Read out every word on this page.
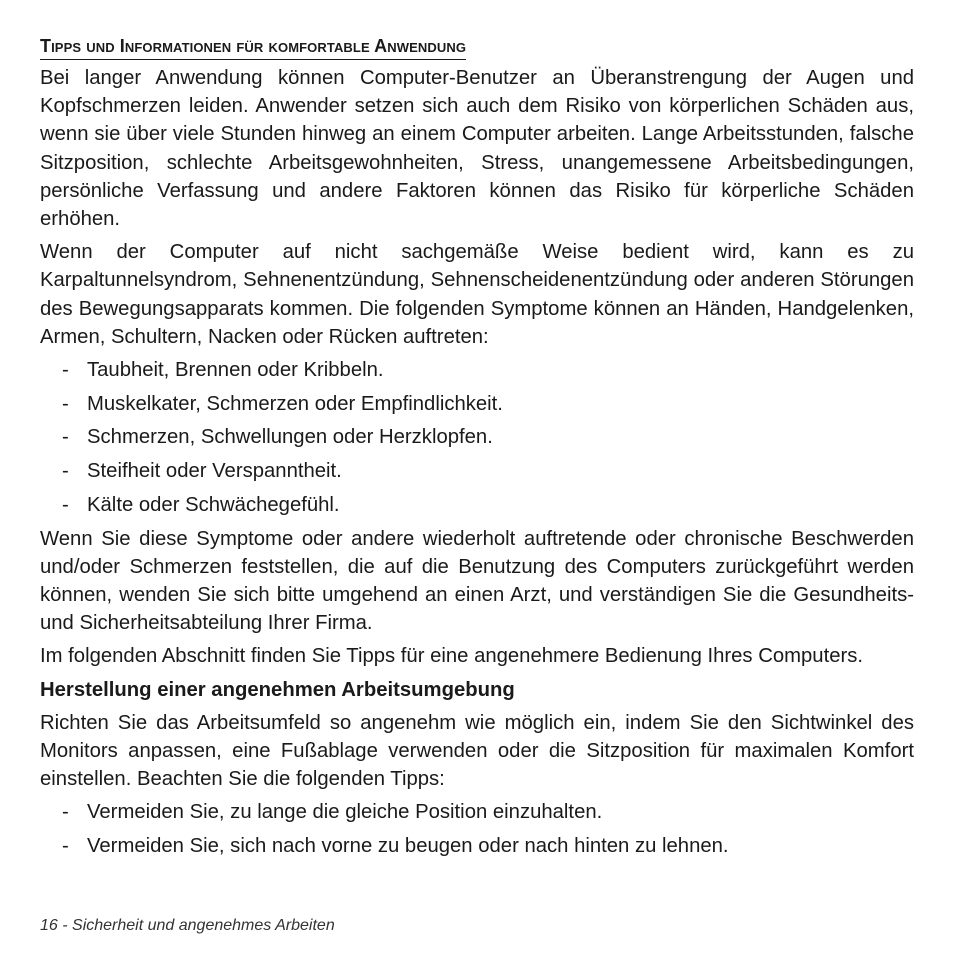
Tipps und Informationen für komfortable Anwendung

Bei langer Anwendung können Computer-Benutzer an Überanstrengung der Augen und Kopfschmerzen leiden. Anwender setzen sich auch dem Risiko von körperlichen Schäden aus, wenn sie über viele Stunden hinweg an einem Computer arbeiten. Lange Arbeitsstunden, falsche Sitzposition, schlechte Arbeitsgewohnheiten, Stress, unangemessene Arbeitsbedingungen, persönliche Verfassung und andere Faktoren können das Risiko für körperliche Schäden erhöhen.

Wenn der Computer auf nicht sachgemäße Weise bedient wird, kann es zu Karpaltunnelsyndrom, Sehnenentzündung, Sehnenscheidenentzündung oder anderen Störungen des Bewegungsapparats kommen. Die folgenden Symptome können an Händen, Handgelenken, Armen, Schultern, Nacken oder Rücken auftreten:

- Taubheit, Brennen oder Kribbeln.
- Muskelkater, Schmerzen oder Empfindlichkeit.
- Schmerzen, Schwellungen oder Herzklopfen.
- Steifheit oder Verspanntheit.
- Kälte oder Schwächegefühl.

Wenn Sie diese Symptome oder andere wiederholt auftretende oder chronische Beschwerden und/oder Schmerzen feststellen, die auf die Benutzung des Computers zurückgeführt werden können, wenden Sie sich bitte umgehend an einen Arzt, und verständigen Sie die Gesundheits- und Sicherheitsabteilung Ihrer Firma.

Im folgenden Abschnitt finden Sie Tipps für eine angenehmere Bedienung Ihres Computers.

Herstellung einer angenehmen Arbeitsumgebung

Richten Sie das Arbeitsumfeld so angenehm wie möglich ein, indem Sie den Sichtwinkel des Monitors anpassen, eine Fußablage verwenden oder die Sitzposition für maximalen Komfort einstellen. Beachten Sie die folgenden Tipps:

- Vermeiden Sie, zu lange die gleiche Position einzuhalten.
- Vermeiden Sie, sich nach vorne zu beugen oder nach hinten zu lehnen.
16 - Sicherheit und angenehmes Arbeiten
